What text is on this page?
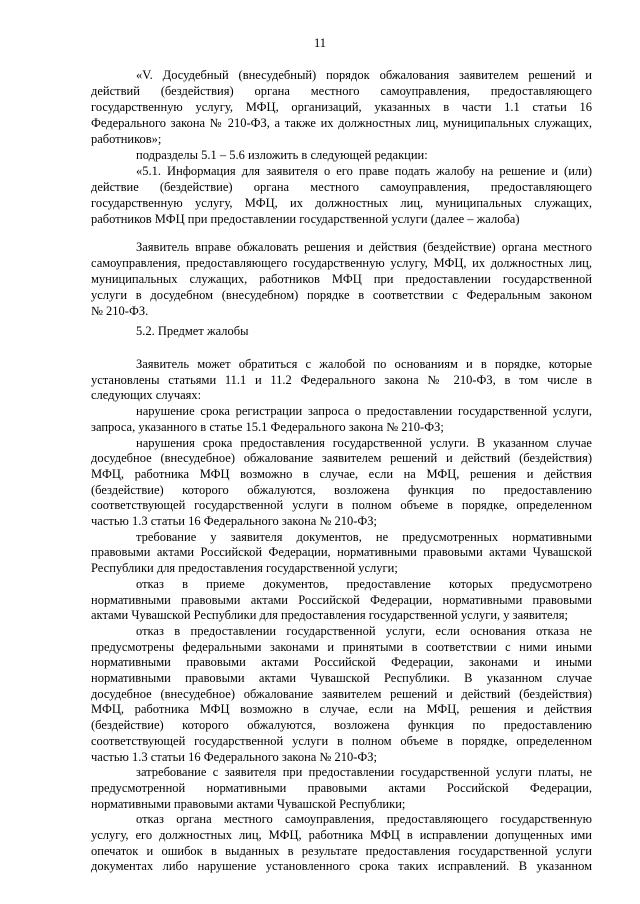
11
«V. Досудебный (внесудебный) порядок обжалования заявителем решений и
действий (бездействия) органа местного самоуправления, предоставляющего
государственную услугу, МФЦ, организаций, указанных в части 1.1 статьи 16
Федерального закона № 210-ФЗ, а также их должностных лиц, муниципальных служащих,
работников»;
подразделы 5.1 – 5.6 изложить в следующей редакции:
«5.1. Информация для заявителя о его праве подать жалобу на решение и (или)
действие (бездействие) органа местного самоуправления, предоставляющего
государственную услугу, МФЦ, их должностных лиц, муниципальных служащих,
работников МФЦ при предоставлении государственной услуги (далее – жалоба)
Заявитель вправе обжаловать решения и действия (бездействие) органа местного
самоуправления, предоставляющего государственную услугу, МФЦ, их должностных лиц,
муниципальных служащих, работников МФЦ при предоставлении государственной
услуги в досудебном (внесудебном) порядке в соответствии с Федеральным законом
№ 210-ФЗ.
5.2. Предмет жалобы
Заявитель может обратиться с жалобой по основаниям и в порядке, которые
установлены статьями 11.1 и 11.2 Федерального закона № 210-ФЗ, в том числе в
следующих случаях:
нарушение срока регистрации запроса о предоставлении государственной услуги,
запроса, указанного в статье 15.1 Федерального закона № 210-ФЗ;
нарушения срока предоставления государственной услуги. В указанном случае
досудебное (внесудебное) обжалование заявителем решений и действий (бездействия)
МФЦ, работника МФЦ возможно в случае, если на МФЦ, решения и действия
(бездействие) которого обжалуются, возложена функция по предоставлению
соответствующей государственной услуги в полном объеме в порядке, определенном
частью 1.3 статьи 16 Федерального закона № 210-ФЗ;
требование у заявителя документов, не предусмотренных нормативными
правовыми актами Российской Федерации, нормативными правовыми актами Чувашской
Республики для предоставления государственной услуги;
отказ в приеме документов, предоставление которых предусмотрено
нормативными правовыми актами Российской Федерации, нормативными правовыми
актами Чувашской Республики для предоставления государственной услуги, у заявителя;
отказ в предоставлении государственной услуги, если основания отказа не
предусмотрены федеральными законами и принятыми в соответствии с ними иными
нормативными правовыми актами Российской Федерации, законами и иными
нормативными правовыми актами Чувашской Республики. В указанном случае
досудебное (внесудебное) обжалование заявителем решений и действий (бездействия)
МФЦ, работника МФЦ возможно в случае, если на МФЦ, решения и действия
(бездействие) которого обжалуются, возложена функция по предоставлению
соответствующей государственной услуги в полном объеме в порядке, определенном
частью 1.3 статьи 16 Федерального закона № 210-ФЗ;
затребование с заявителя при предоставлении государственной услуги платы, не
предусмотренной нормативными правовыми актами Российской Федерации,
нормативными правовыми актами Чувашской Республики;
отказ органа местного самоуправления, предоставляющего государственную
услугу, его должностных лиц, МФЦ, работника МФЦ в исправлении допущенных ими
опечаток и ошибок в выданных в результате предоставления государственной услуги
документах либо нарушение установленного срока таких исправлений. В указанном
